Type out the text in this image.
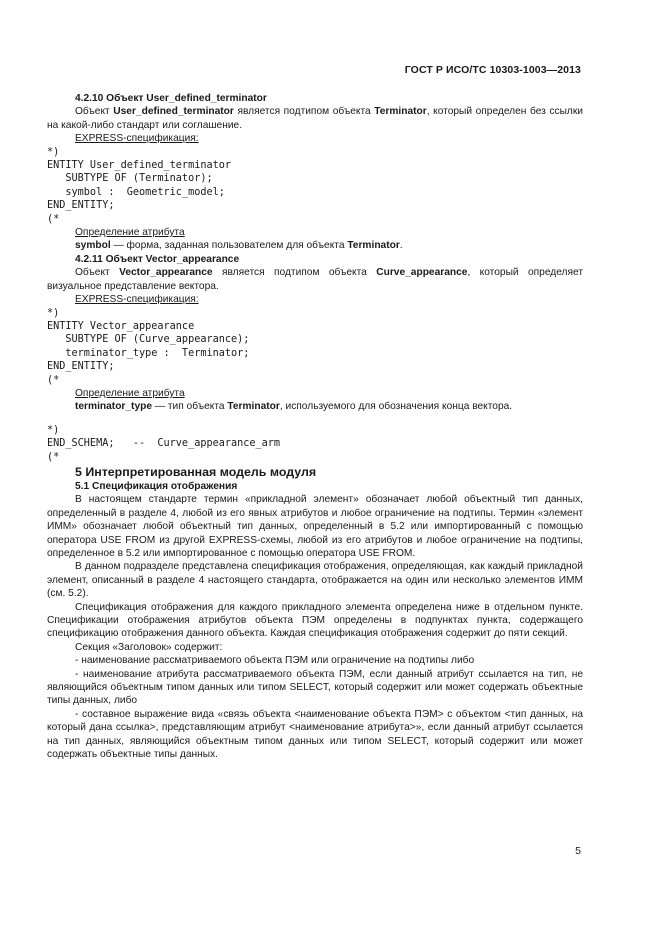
ГОСТ Р ИСО/ТС 10303-1003—2013

4.2.10 Объект User_defined_terminator

Объект User_defined_terminator является подтипом объекта Terminator, который определен без ссылки на какой-либо стандарт или соглашение.

EXPRESS-спецификация:

*)
ENTITY User_defined_terminator
SUBTYPE OF (Terminator);
symbol :  Geometric_model;
END_ENTITY;
(*

Определение атрибута

symbol — форма, заданная пользователем для объекта Terminator.

4.2.11 Объект Vector_appearance

Объект Vector_appearance является подтипом объекта Curve_appearance, который определяет визуальное представление вектора.

EXPRESS-спецификация:

*)
ENTITY Vector_appearance
SUBTYPE OF (Curve_appearance);
terminator_type :  Terminator;
END_ENTITY;
(*

Определение атрибута

terminator_type — тип объекта Terminator, используемого для обозначения конца вектора.

*)
END_SCHEMA;   --  Curve_appearance_arm
(*

5 Интерпретированная модель модуля

5.1 Спецификация отображения

В настоящем стандарте термин «прикладной элемент» обозначает любой объектный тип данных, определенный в разделе 4, любой из его явных атрибутов и любое ограничение на подтипы. Термин «элемент ИММ» обозначает любой объектный тип данных, определенный в 5.2 или импортированный с помощью оператора USE FROM из другой EXPRESS-схемы, любой из его атрибутов и любое ограничение на подтипы, определенное в 5.2 или импортированное с помощью оператора USE FROM.

В данном подразделе представлена спецификация отображения, определяющая, как каждый прикладной элемент, описанный в разделе 4 настоящего стандарта, отображается на один или несколько элементов ИММ (см. 5.2).

Спецификация отображения для каждого прикладного элемента определена ниже в отдельном пункте. Спецификации отображения атрибутов объекта ПЭМ определены в подпунктах пункта, содержащего спецификацию отображения данного объекта. Каждая спецификация отображения содержит до пяти секций.

Секция «Заголовок» содержит:

- наименование рассматриваемого объекта ПЭМ или ограничение на подтипы либо

- наименование атрибута рассматриваемого объекта ПЭМ, если данный атрибут ссылается на тип, не являющийся объектным типом данных или типом SELECT, который содержит или может содержать объектные типы данных, либо

- составное выражение вида «связь объекта <наименование объекта ПЭМ> с объектом <тип данных, на который дана ссылка>, представляющим атрибут <наименование атрибута>», если данный атрибут ссылается на тип данных, являющийся объектным типом данных или типом SELECT, который содержит или может содержать объектные типы данных.

5
